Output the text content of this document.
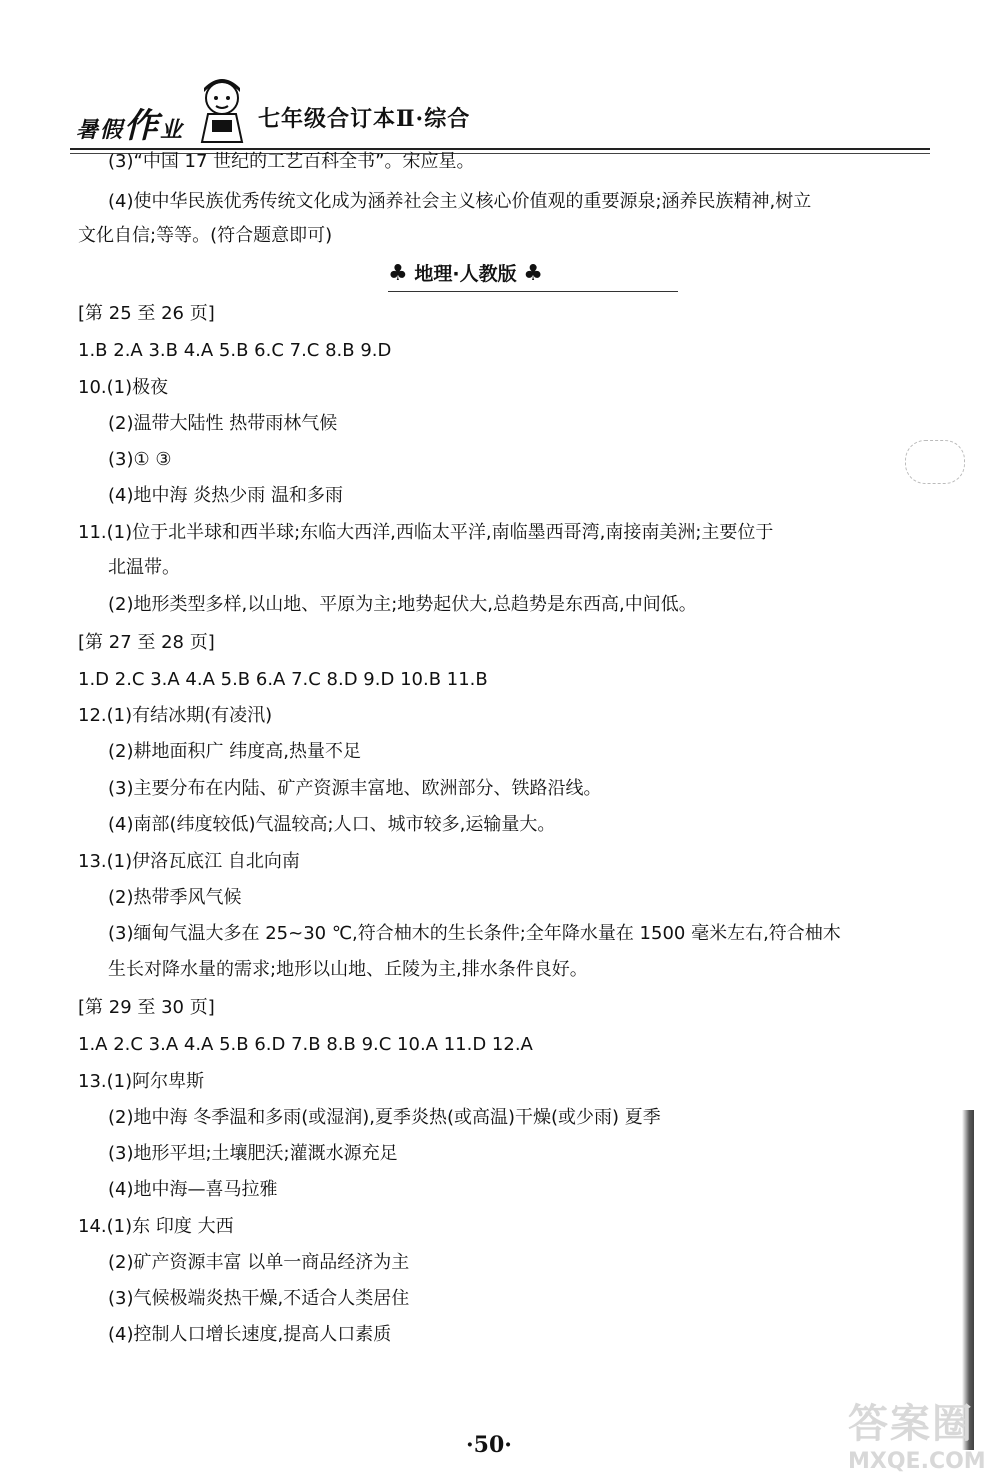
暑假作业	七年级合订本Ⅱ·综合
(3)“中国 17 世纪的工艺百科全书”。宋应星。
(4)使中华民族优秀传统文化成为涵养社会主义核心价值观的重要源泉;涵养民族精神,树立
文化自信;等等。(符合题意即可)
♣ 地理·人教版 ♣
[第 25 至 26 页]
1.B 2.A 3.B 4.A 5.B 6.C 7.C 8.B 9.D
10.(1)极夜
(2)温带大陆性 热带雨林气候
(3)① ③
(4)地中海 炎热少雨 温和多雨
11.(1)位于北半球和西半球;东临大西洋,西临太平洋,南临墨西哥湾,南接南美洲;主要位于
北温带。
(2)地形类型多样,以山地、平原为主;地势起伏大,总趋势是东西高,中间低。
[第 27 至 28 页]
1.D 2.C 3.A 4.A 5.B 6.A 7.C 8.D 9.D 10.B 11.B
12.(1)有结冰期(有凌汛)
(2)耕地面积广 纬度高,热量不足
(3)主要分布在内陆、矿产资源丰富地、欧洲部分、铁路沿线。
(4)南部(纬度较低)气温较高;人口、城市较多,运输量大。
13.(1)伊洛瓦底江 自北向南
(2)热带季风气候
(3)缅甸气温大多在 25~30 ℃,符合柚木的生长条件;全年降水量在 1500 毫米左右,符合柚木
生长对降水量的需求;地形以山地、丘陵为主,排水条件良好。
[第 29 至 30 页]
1.A 2.C 3.A 4.A 5.B 6.D 7.B 8.B 9.C 10.A 11.D 12.A
13.(1)阿尔卑斯
(2)地中海 冬季温和多雨(或湿润),夏季炎热(或高温)干燥(或少雨) 夏季
(3)地形平坦;土壤肥沃;灌溉水源充足
(4)地中海—喜马拉雅
14.(1)东 印度 大西
(2)矿产资源丰富 以单一商品经济为主
(3)气候极端炎热干燥,不适合人类居住
(4)控制人口增长速度,提高人口素质
·50·	答案圈
MXQE.COM
